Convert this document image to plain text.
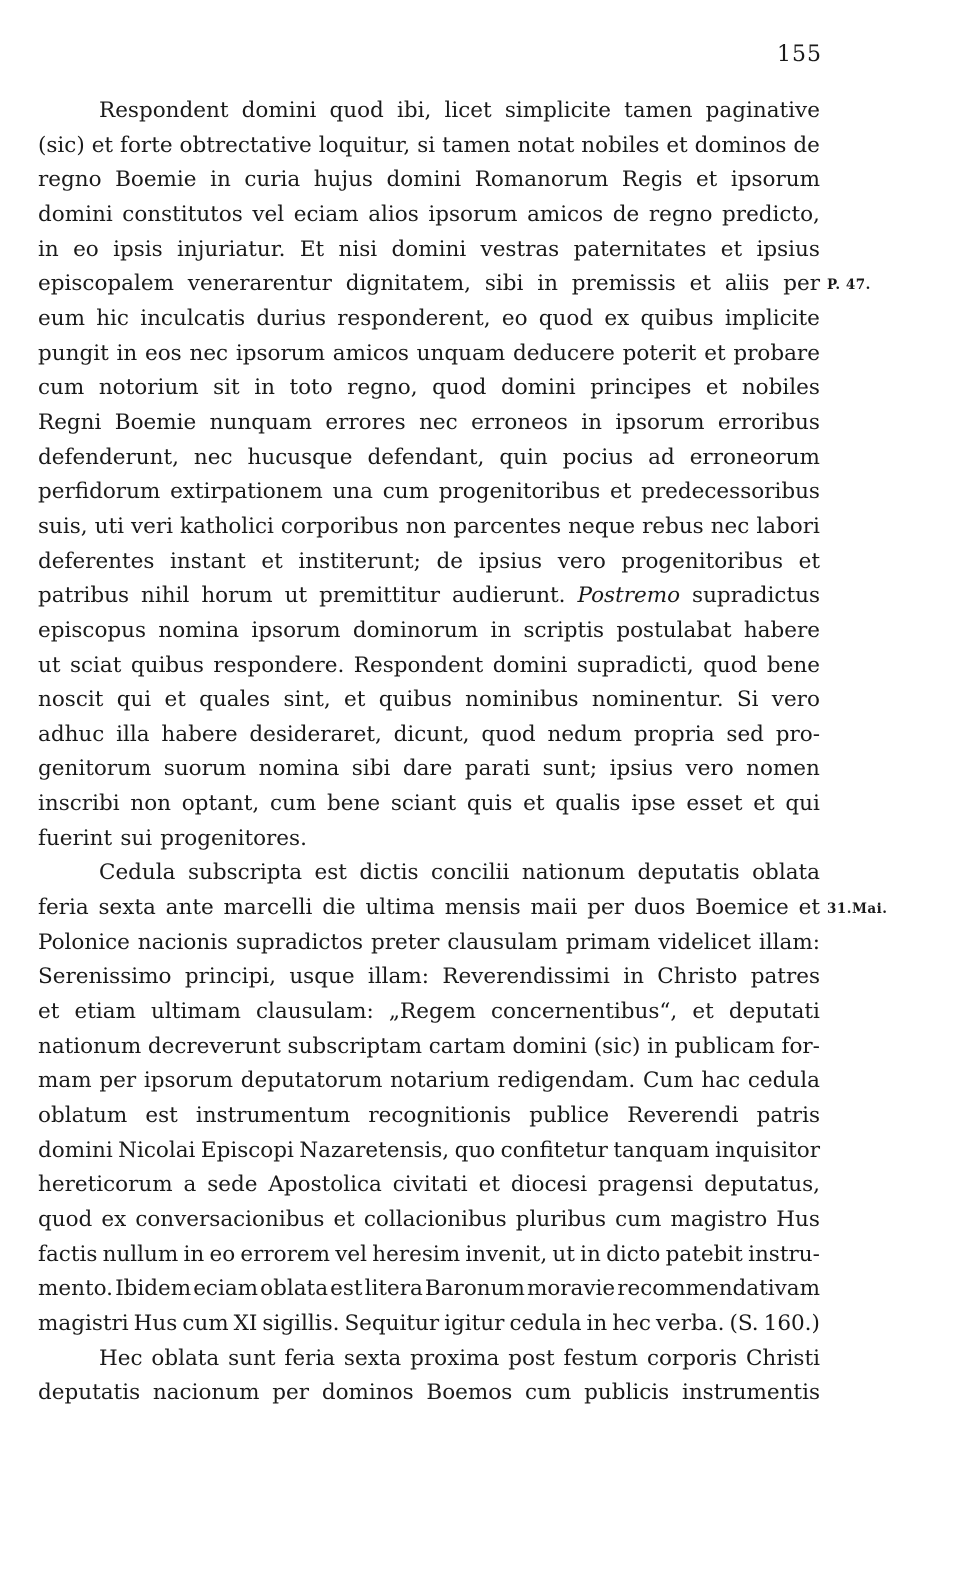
155
Respondent domini quod ibi, licet simplicite tamen paginative
(sic) et forte obtrectative loquitur, si tamen notat nobiles et dominos de
regno Boemie in curia hujus domini Romanorum Regis et ipsorum
domini constitutos vel eciam alios ipsorum amicos de regno predicto,
in eo ipsis injuriatur. Et nisi domini vestras paternitates et ipsius
episcopalem venerarentur dignitatem, sibi in premissis et aliis per
eum hic inculcatis durius responderent, eo quod ex quibus implicite
pungit in eos nec ipsorum amicos unquam deducere poterit et probare
cum notorium sit in toto regno, quod domini principes et nobiles
Regni Boemie nunquam errores nec erroneos in ipsorum erroribus
defenderunt, nec hucusque defendant, quin pocius ad erroneorum
perfidorum extirpationem una cum progenitoribus et predecessoribus
suis, uti veri katholici corporibus non parcentes neque rebus nec labori
deferentes instant et institerunt; de ipsius vero progenitoribus et
patribus nihil horum ut premittitur audierunt. Postremo supradictus
episcopus nomina ipsorum dominorum in scriptis postulabat habere
ut sciat quibus respondere. Respondent domini supradicti, quod bene
noscit qui et quales sint, et quibus nominibus nominentur. Si vero
adhuc illa habere desideraret, dicunt, quod nedum propria sed pro-
genitorum suorum nomina sibi dare parati sunt; ipsius vero nomen
inscribi non optant, cum bene sciant quis et qualis ipse esset et qui
fuerint sui progenitores.
Cedula subscripta est dictis concilii nationum deputatis oblata
feria sexta ante marcelli die ultima mensis maii per duos Boemice et
Polonice nacionis supradictos preter clausulam primam videlicet illam:
Serenissimo principi, usque illam: Reverendissimi in Christo patres
et etiam ultimam clausulam: „Regem concernentibus“, et deputati
nationum decreverunt subscriptam cartam domini (sic) in publicam for-
mam per ipsorum deputatorum notarium redigendam. Cum hac cedula
oblatum est instrumentum recognitionis publice Reverendi patris
domini Nicolai Episcopi Nazaretensis, quo confitetur tanquam inquisitor
hereticorum a sede Apostolica civitati et diocesi pragensi deputatus,
quod ex conversacionibus et collacionibus pluribus cum magistro Hus
factis nullum in eo errorem vel heresim invenit, ut in dicto patebit instru-
mento. Ibidem eciam oblata est litera Baronum moravie recommendativam
magistri Hus cum XI sigillis. Sequitur igitur cedula in hec verba. (S. 160.)
Hec oblata sunt feria sexta proxima post festum corporis Christi
deputatis nacionum per dominos Boemos cum publicis instrumentis
P. 47.
31.Mai.
